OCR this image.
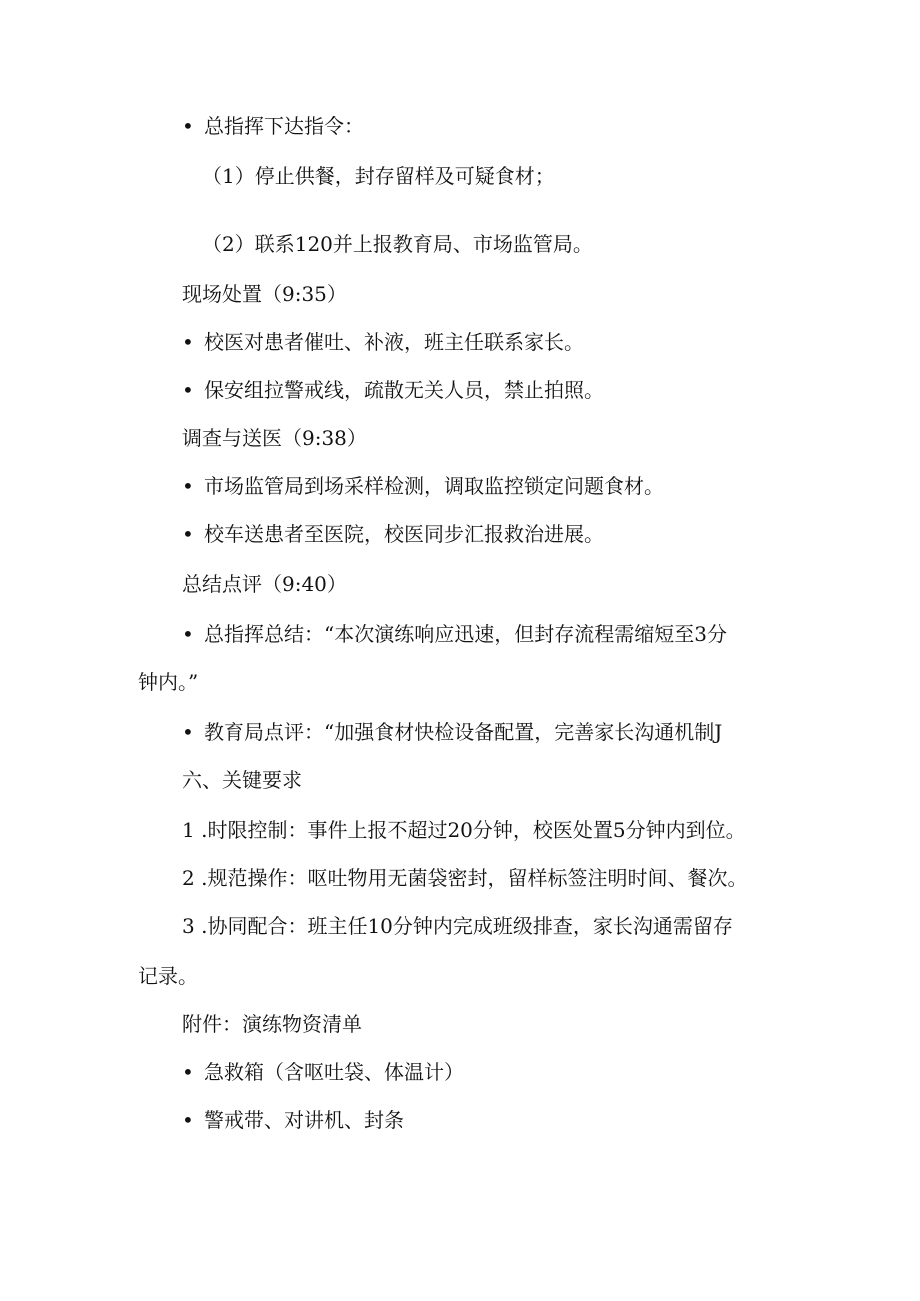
• 总指挥下达指令：
（1）停止供餐，封存留样及可疑食材；
（2）联系120并上报教育局、市场监管局。
现场处置（9:35）
• 校医对患者催吐、补液，班主任联系家长。
• 保安组拉警戒线，疏散无关人员，禁止拍照。
调查与送医（9:38）
• 市场监管局到场采样检测，调取监控锁定问题食材。
• 校车送患者至医院，校医同步汇报救治进展。
总结点评（9:40）
• 总指挥总结：“本次演练响应迅速，但封存流程需缩短至3分
钟内。”
• 教育局点评：“加强食材快检设备配置，完善家长沟通机制J
六、关键要求
1 .时限控制：事件上报不超过20分钟，校医处置5分钟内到位。
2 .规范操作：呕吐物用无菌袋密封，留样标签注明时间、餐次。
3 .协同配合：班主任10分钟内完成班级排查，家长沟通需留存
记录。
附件：演练物资清单
• 急救箱（含呕吐袋、体温计）
• 警戒带、对讲机、封条
